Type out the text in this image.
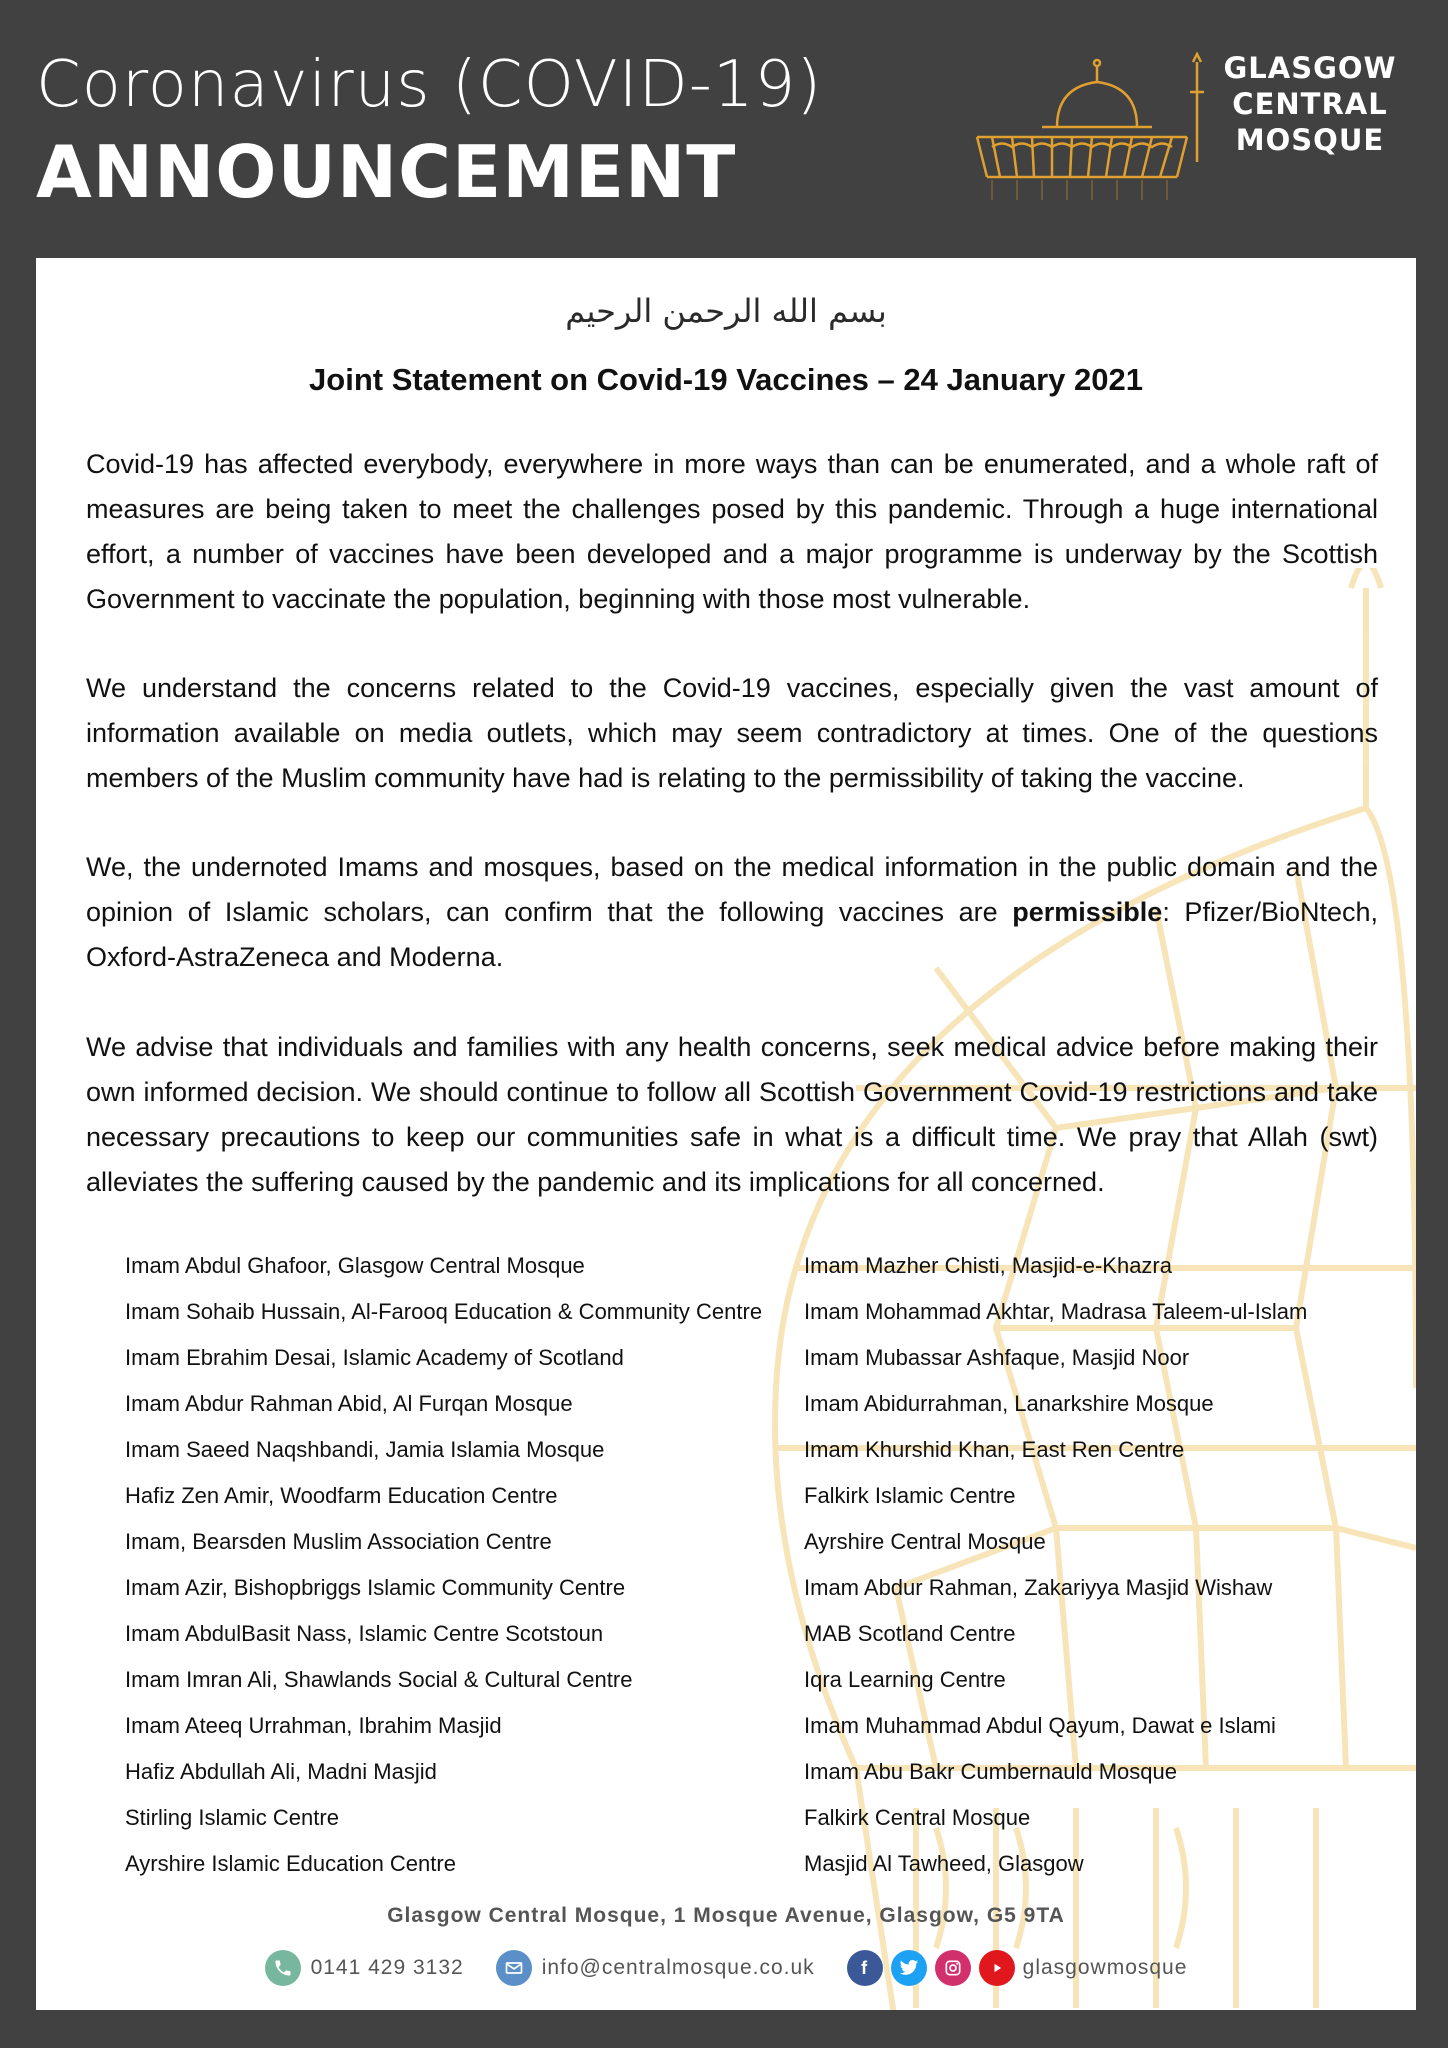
Coronavirus (COVID-19)
ANNOUNCEMENT
GLASGOW
CENTRAL
MOSQUE
بسم الله الرحمن الرحيم
Joint Statement on Covid-19 Vaccines – 24 January 2021

Covid-19 has affected everybody, everywhere in more ways than can be enumerated, and a whole raft of measures are being taken to meet the challenges posed by this pandemic. Through a huge international effort, a number of vaccines have been developed and a major programme is underway by the Scottish Government to vaccinate the population, beginning with those most vulnerable.

We understand the concerns related to the Covid-19 vaccines, especially given the vast amount of information available on media outlets, which may seem contradictory at times. One of the questions members of the Muslim community have had is relating to the permissibility of taking the vaccine.

We, the undernoted Imams and mosques, based on the medical information in the public domain and the opinion of Islamic scholars, can confirm that the following vaccines are permissible: Pfizer/BioNtech, Oxford-AstraZeneca and Moderna.

We advise that individuals and families with any health concerns, seek medical advice before making their own informed decision. We should continue to follow all Scottish Government Covid-19 restrictions and take necessary precautions to keep our communities safe in what is a difficult time. We pray that Allah (swt) alleviates the suffering caused by the pandemic and its implications for all concerned.

Imam Abdul Ghafoor, Glasgow Central Mosque
Imam Sohaib Hussain, Al-Farooq Education & Community Centre
Imam Ebrahim Desai, Islamic Academy of Scotland
Imam Abdur Rahman Abid, Al Furqan Mosque
Imam Saeed Naqshbandi, Jamia Islamia Mosque
Hafiz Zen Amir, Woodfarm Education Centre
Imam, Bearsden Muslim Association Centre
Imam Azir, Bishopbriggs Islamic Community Centre
Imam AbdulBasit Nass, Islamic Centre Scotstoun
Imam Imran Ali, Shawlands Social & Cultural Centre
Imam Ateeq Urrahman, Ibrahim Masjid
Hafiz Abdullah Ali, Madni Masjid
Stirling Islamic Centre
Ayrshire Islamic Education Centre
Imam Mazher Chisti, Masjid-e-Khazra
Imam Mohammad Akhtar, Madrasa Taleem-ul-Islam
Imam Mubassar Ashfaque, Masjid Noor
Imam Abidurrahman, Lanarkshire Mosque
Imam Khurshid Khan, East Ren Centre
Falkirk Islamic Centre
Ayrshire Central Mosque
Imam Abdur Rahman, Zakariyya Masjid Wishaw
MAB Scotland Centre
Iqra Learning Centre
Imam Muhammad Abdul Qayum, Dawat e Islami
Imam Abu Bakr Cumbernauld Mosque
Falkirk Central Mosque
Masjid Al Tawheed, Glasgow
Glasgow Central Mosque, 1 Mosque Avenue, Glasgow, G5 9TA
0141 429 3132	info@centralmosque.co.uk	f	glasgowmosque
